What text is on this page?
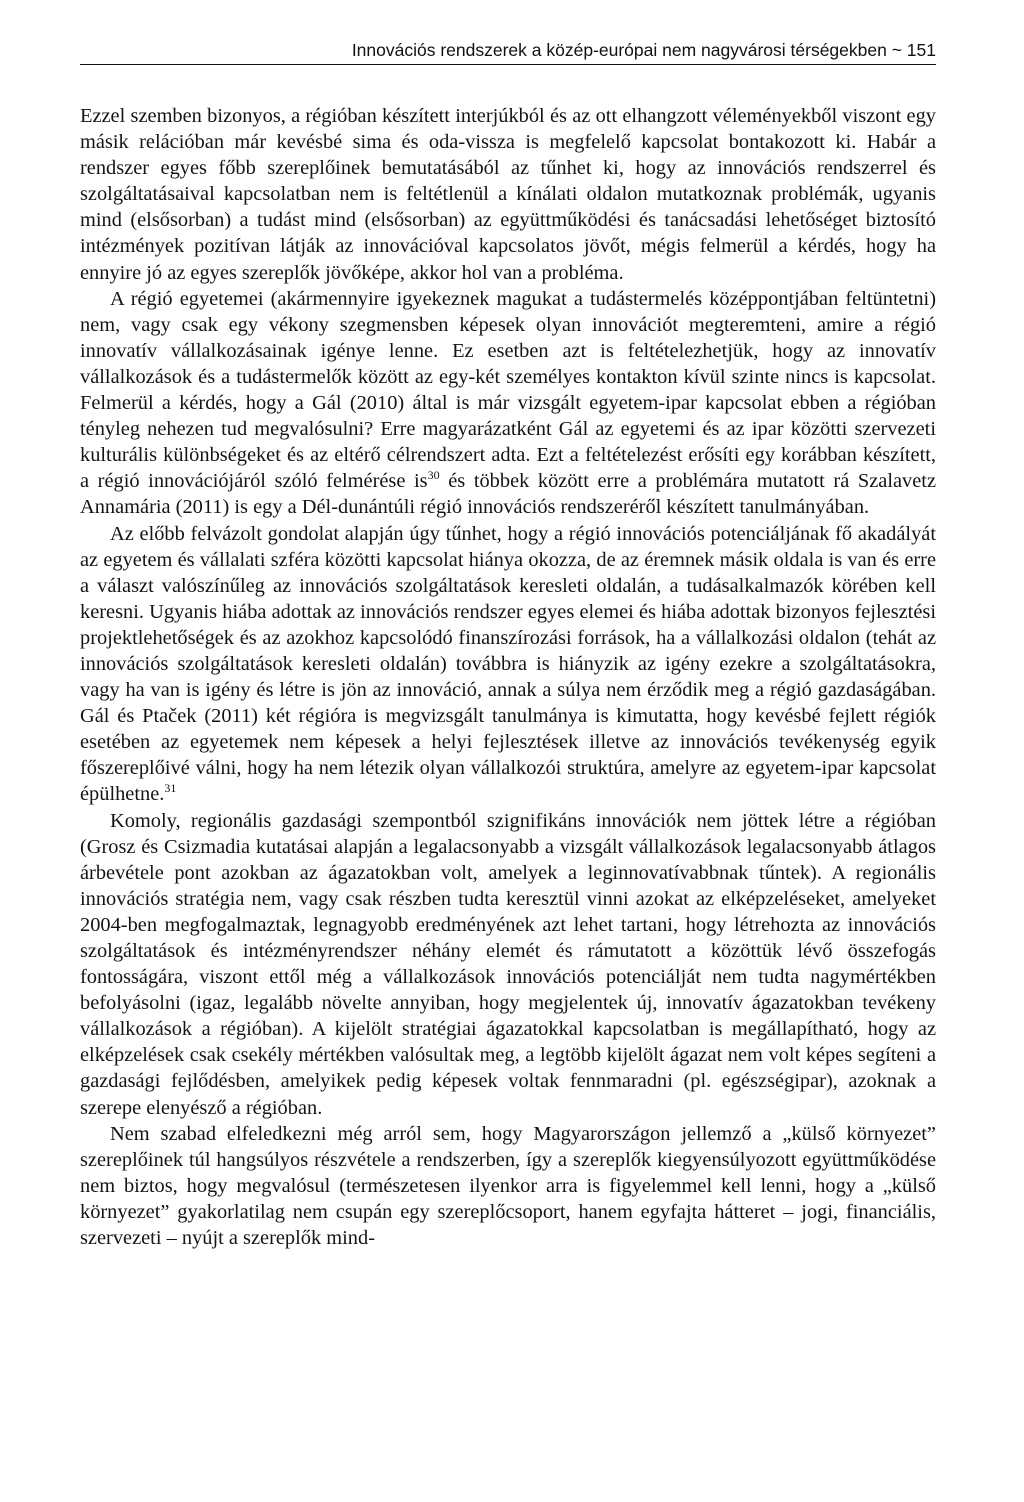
Innovációs rendszerek a közép-európai nem nagyvárosi térségekben ~ 151

Ezzel szemben bizonyos, a régióban készített interjúkból és az ott elhangzott véleményekből viszont egy másik relációban már kevésbé sima és oda-vissza is megfelelő kapcsolat bontakozott ki. Habár a rendszer egyes főbb szereplőinek bemutatásából az tűnhet ki, hogy az innovációs rendszerrel és szolgáltatásaival kapcsolatban nem is feltétlenül a kínálati oldalon mutatkoznak problémák, ugyanis mind (elsősorban) a tudást mind (elsősorban) az együttműködési és tanácsadási lehetőséget biztosító intézmények pozitívan látják az innovációval kapcsolatos jövőt, mégis felmerül a kérdés, hogy ha ennyire jó az egyes szereplők jövőképe, akkor hol van a probléma.

A régió egyetemei (akármennyire igyekeznek magukat a tudástermelés középpontjában feltüntetni) nem, vagy csak egy vékony szegmensben képesek olyan innovációt megteremteni, amire a régió innovatív vállalkozásainak igénye lenne. Ez esetben azt is feltételezhetjük, hogy az innovatív vállalkozások és a tudástermelők között az egy-két személyes kontakton kívül szinte nincs is kapcsolat. Felmerül a kérdés, hogy a Gál (2010) által is már vizsgált egyetem-ipar kapcsolat ebben a régióban tényleg nehezen tud megvalósulni? Erre magyarázatként Gál az egyetemi és az ipar közötti szervezeti kulturális különbségeket és az eltérő célrendszert adta. Ezt a feltételezést erősíti egy korábban készített, a régió innovációjáról szóló felmérése $is^{30}$ és többek között erre a problémára mutatott rá Szalavetz Annamária (2011) is egy a Dél-dunántúli régió innovációs rendszeréről készített tanulmányában.

Az előbb felvázolt gondolat alapján úgy tűnhet, hogy a régió innovációs potenciáljának fő akadályát az egyetem és vállalati szféra közötti kapcsolat hiánya okozza, de az éremnek másik oldala is van és erre a választ valószínűleg az innovációs szolgáltatások keresleti oldalán, a tudásalkalmazók körében kell keresni. Ugyanis hiába adottak az innovációs rendszer egyes elemei és hiába adottak bizonyos fejlesztési projektlehetőségek és az azokhoz kapcsolódó finanszírozási források, ha a vállalkozási oldalon (tehát az innovációs szolgáltatások keresleti oldalán) továbbra is hiányzik az igény ezekre a szolgáltatásokra, vagy ha van is igény és létre is jön az innováció, annak a súlya nem érződik meg a régió gazdaságában. Gál és Ptaček (2011) két régióra is megvizsgált tanulmánya is kimutatta, hogy kevésbé fejlett régiók esetében az egyetemek nem képesek a helyi fejlesztések illetve az innovációs tevékenység egyik főszereplőivé válni, hogy ha nem létezik olyan vállalkozói struktúra, amelyre az egyetem-ipar kapcsolat épülhetne.$^{31}$

Komoly, regionális gazdasági szempontból szignifikáns innovációk nem jöttek létre a régióban (Grosz és Csizmadia kutatásai alapján a legalacsonyabb a vizsgált vállalkozások legalacsonyabb átlagos árbevétele pont azokban az ágazatokban volt, amelyek a leginnovatívabbnak tűntek). A regionális innovációs stratégia nem, vagy csak részben tudta keresztül vinni azokat az elképzeléseket, amelyeket 2004-ben megfogalmaztak, legnagyobb eredményének azt lehet tartani, hogy létrehozta az innovációs szolgáltatások és intézményrendszer néhány elemét és rámutatott a közöttük lévő összefogás fontosságára, viszont ettől még a vállalkozások innovációs potenciálját nem tudta nagymértékben befolyásolni (igaz, legalább növelte annyiban, hogy megjelentek új, innovatív ágazatokban tevékeny vállalkozások a régióban). A kijelölt stratégiai ágazatokkal kapcsolatban is megállapítható, hogy az elképzelések csak csekély mértékben valósultak meg, a legtöbb kijelölt ágazat nem volt képes segíteni a gazdasági fejlődésben, amelyikek pedig képesek voltak fennmaradni (pl. egészségipar), azoknak a szerepe elenyésző a régióban.

Nem szabad elfeledkezni még arról sem, hogy Magyarországon jellemző a „külső környezet” szereplőinek túl hangsúlyos részvétele a rendszerben, így a szereplők kiegyensúlyozott együttműködése nem biztos, hogy megvalósul (természetesen ilyenkor arra is figyelemmel kell lenni, hogy a „külső környezet” gyakorlatilag nem csupán egy szereplőcsoport, hanem egyfajta hátteret – jogi, financiális, szervezeti – nyújt a szereplők mind-
